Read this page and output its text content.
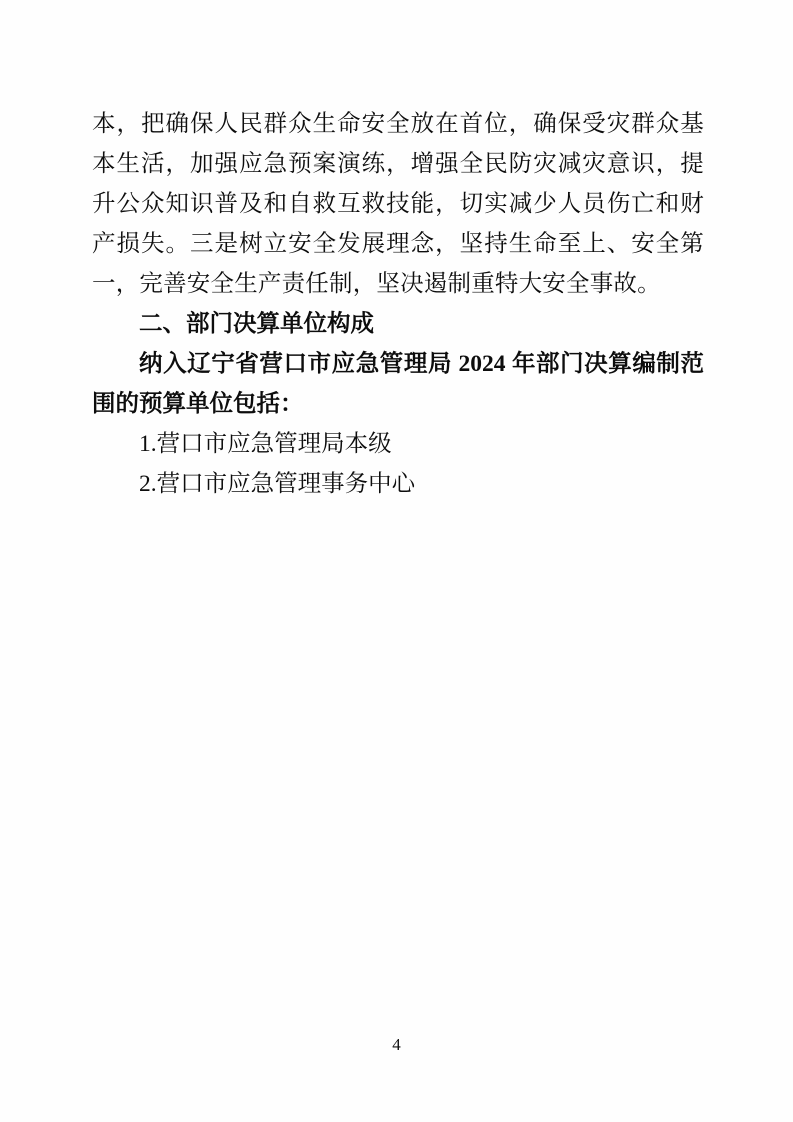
本，把确保人民群众生命安全放在首位，确保受灾群众基本生活，加强应急预案演练，增强全民防灾减灾意识，提升公众知识普及和自救互救技能，切实减少人员伤亡和财产损失。三是树立安全发展理念，坚持生命至上、安全第一，完善安全生产责任制，坚决遏制重特大安全事故。

二、部门决算单位构成

纳入辽宁省营口市应急管理局 2024 年部门决算编制范围的预算单位包括：

1.营口市应急管理局本级

2.营口市应急管理事务中心

4
